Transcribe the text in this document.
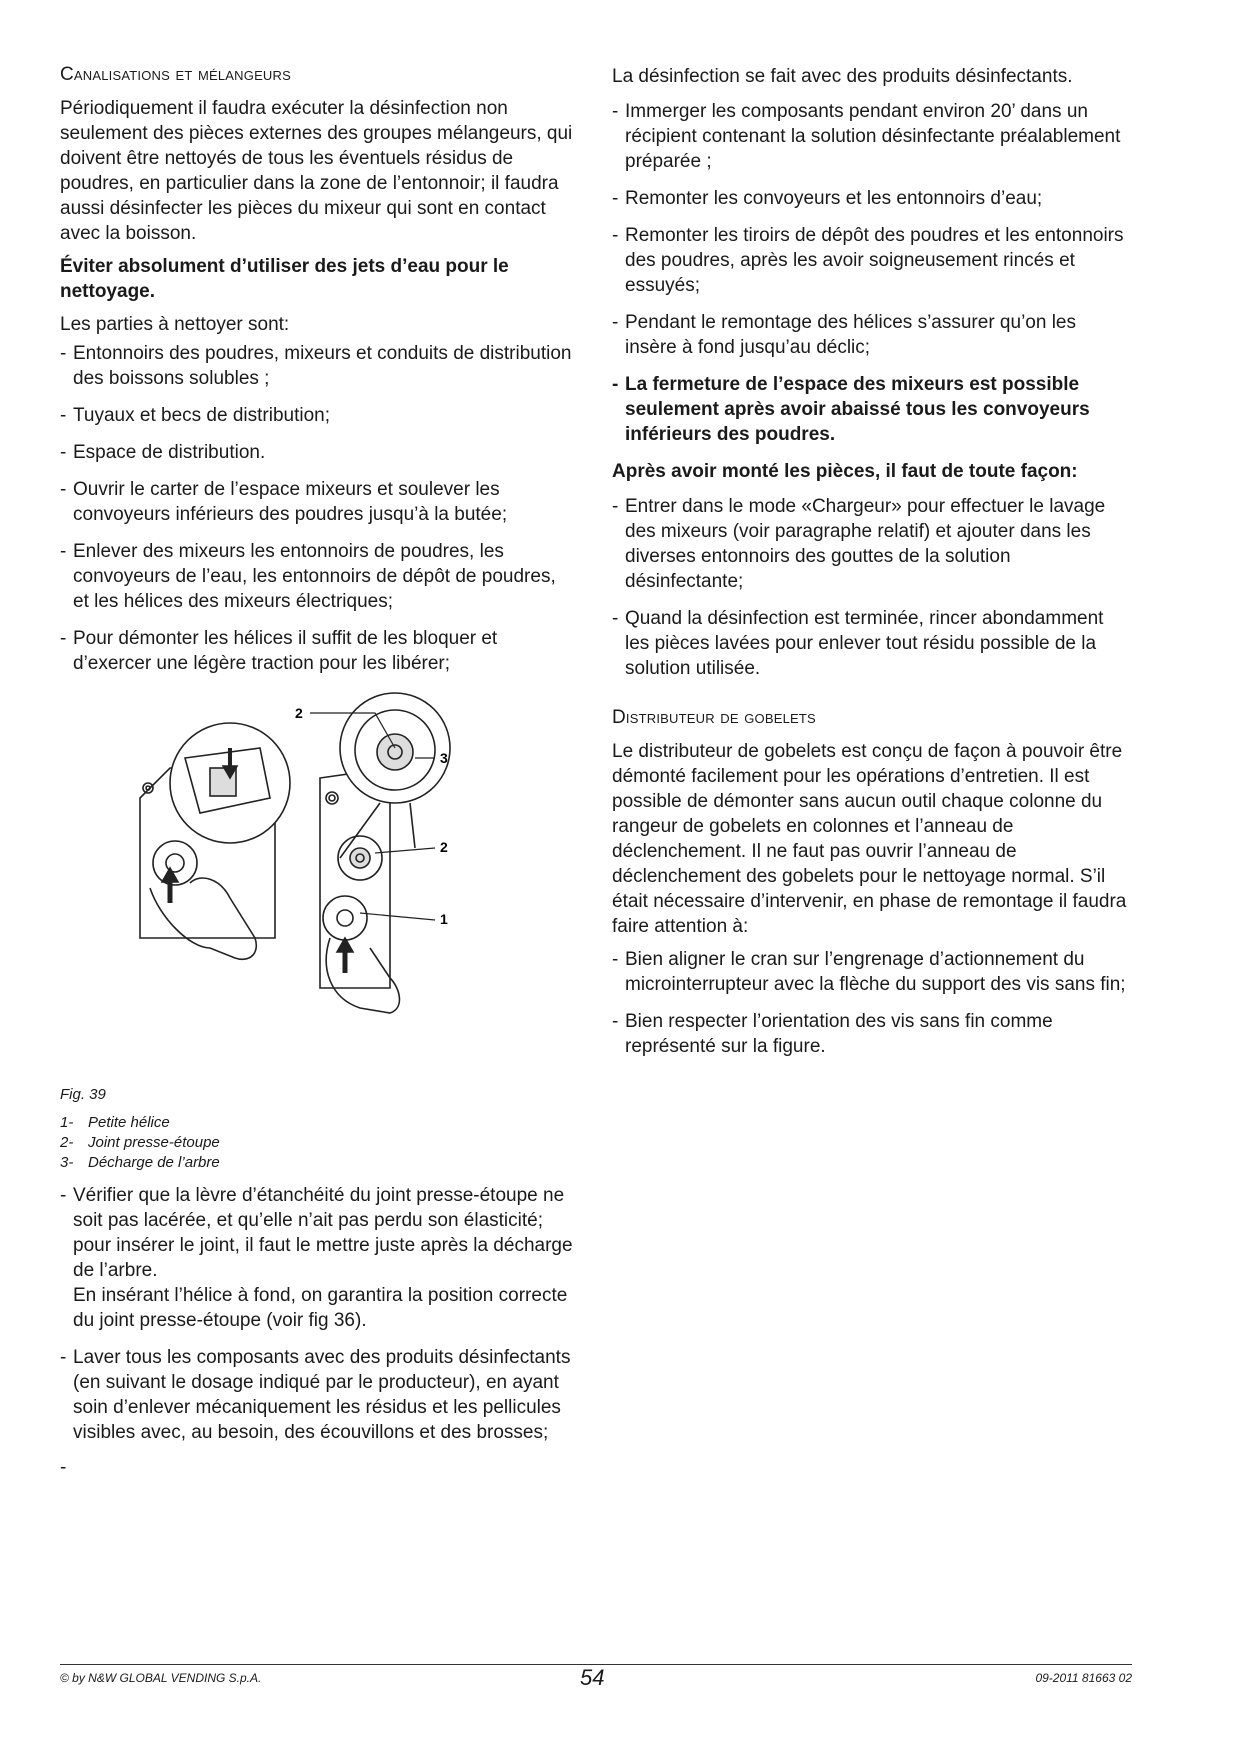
Canalisations et mélangeurs

Périodiquement il faudra exécuter la désinfection non seulement des pièces externes des groupes mélangeurs, qui doivent être nettoyés de tous les éventuels résidus de poudres, en particulier dans la zone de l’entonnoir; il faudra aussi désinfecter les pièces du mixeur qui sont en contact avec la boisson.

Éviter absolument d’utiliser des jets d’eau pour le nettoyage.

Les parties à nettoyer sont:

- Entonnoirs des poudres, mixeurs et conduits de distribution des boissons solubles ;
- Tuyaux et becs de distribution;
- Espace de distribution.
- Ouvrir le carter de l’espace mixeurs et soulever les convoyeurs inférieurs des poudres jusqu’à la butée;
- Enlever des mixeurs les entonnoirs de poudres, les convoyeurs de l’eau, les entonnoirs de dépôt de poudres, et les hélices des mixeurs électriques;
- Pour démonter les hélices il suffit de les bloquer et d’exercer une légère traction pour les libérer;
2
3
2
1
Fig. 39
1- Petite hélice
2- Joint presse-étoupe
3- Décharge de l’arbre
- Vérifier que la lèvre d’étanchéité du joint presse-étoupe ne soit pas lacérée, et qu’elle n’ait pas perdu son élasticité; pour insérer le joint, il faut le mettre juste après la décharge de l’arbre.
En insérant l’hélice à fond, on garantira la position correcte du joint presse-étoupe (voir fig 36).
- Laver tous les composants avec des produits désinfectants (en suivant le dosage indiqué par le producteur), en ayant soin d’enlever mécaniquement les résidus et les pellicules visibles avec, au besoin, des écouvillons et des brosses;
-

La désinfection se fait avec des produits désinfectants.

- Immerger les composants pendant environ 20’ dans un récipient contenant la solution désinfectante préalablement préparée ;
- Remonter les convoyeurs et les entonnoirs d’eau;
- Remonter les tiroirs de dépôt des poudres et les entonnoirs des poudres, après les avoir soigneusement rincés et essuyés;
- Pendant le remontage des hélices s’assurer qu’on les insère à fond jusqu’au déclic;
- La fermeture de l’espace des mixeurs est possible seulement après avoir abaissé tous les convoyeurs inférieurs des poudres.

Après avoir monté les pièces, il faut de toute façon:

- Entrer dans le mode «Chargeur» pour effectuer le lavage des mixeurs (voir paragraphe relatif) et ajouter dans les diverses entonnoirs des gouttes de la solution désinfectante;
- Quand la désinfection est terminée, rincer abondamment les pièces lavées pour enlever tout résidu possible de la solution utilisée.
Distributeur de gobelets

Le distributeur de gobelets est conçu de façon à pouvoir être démonté facilement pour les opérations d’entretien. Il est possible de démonter sans aucun outil chaque colonne du rangeur de gobelets en colonnes et l’anneau de déclenchement. Il ne faut pas ouvrir l’anneau de déclenchement des gobelets pour le nettoyage normal. S’il était nécessaire d’intervenir, en phase de remontage il faudra faire attention à:

- Bien aligner le cran sur l’engrenage d’actionnement du microinterrupteur avec la flèche du support des vis sans fin;
- Bien respecter l’orientation des vis sans fin comme représenté sur la figure.
© by N&W GLOBAL VENDING S.p.A.	54	09-2011 81663 02
